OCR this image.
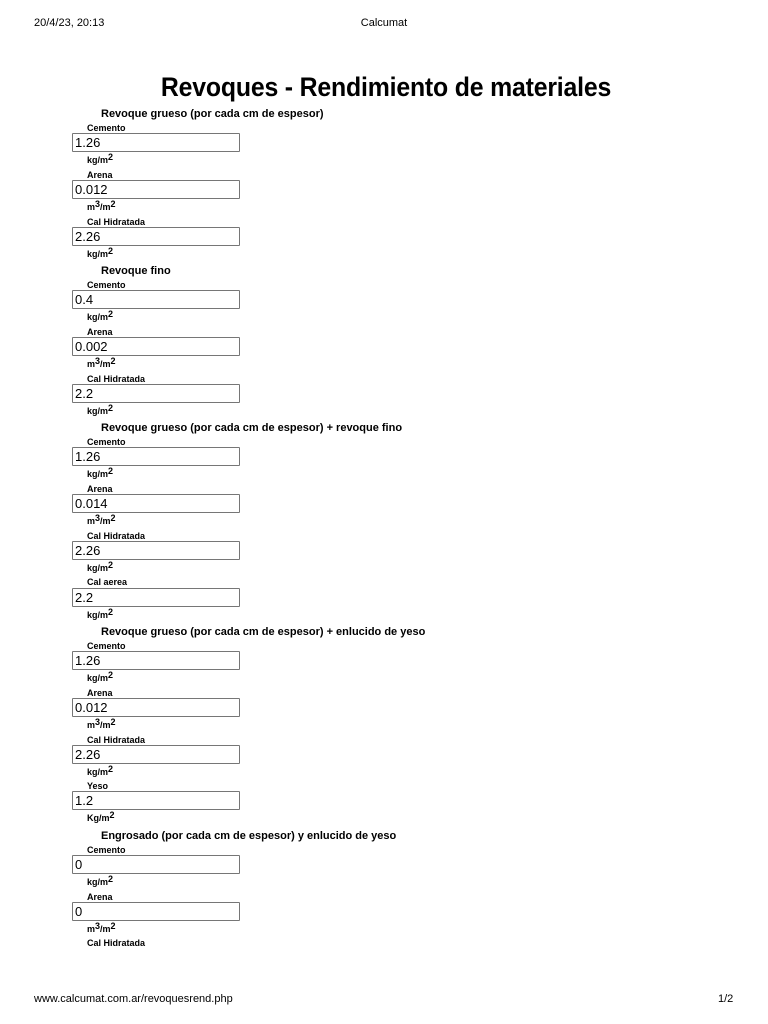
20/4/23, 20:13	Calcumat
Revoques - Rendimiento de materiales
Revoque grueso (por cada cm de espesor)
Cemento
1.26
$kg/m^2$
Arena
0.012
$m^3/m^2$
Cal Hidratada
2.26
$kg/m^2$
Revoque fino
Cemento
0.4
$kg/m^2$
Arena
0.002
$m^3/m^2$
Cal Hidratada
2.2
$kg/m^2$
Revoque grueso (por cada cm de espesor) + revoque fino
Cemento
1.26
$kg/m^2$
Arena
0.014
$m^3/m^2$
Cal Hidratada
2.26
$kg/m^2$
Cal aerea
2.2
$kg/m^2$
Revoque grueso (por cada cm de espesor) + enlucido de yeso
Cemento
1.26
$kg/m^2$
Arena
0.012
$m^3/m^2$
Cal Hidratada
2.26
$kg/m^2$
Yeso
1.2
$Kg/m^2$
Engrosado (por cada cm de espesor) y enlucido de yeso
Cemento
0
$kg/m^2$
Arena
0
$m^3/m^2$
Cal Hidratada
www.calcumat.com.ar/revoquesrend.php	1/2
